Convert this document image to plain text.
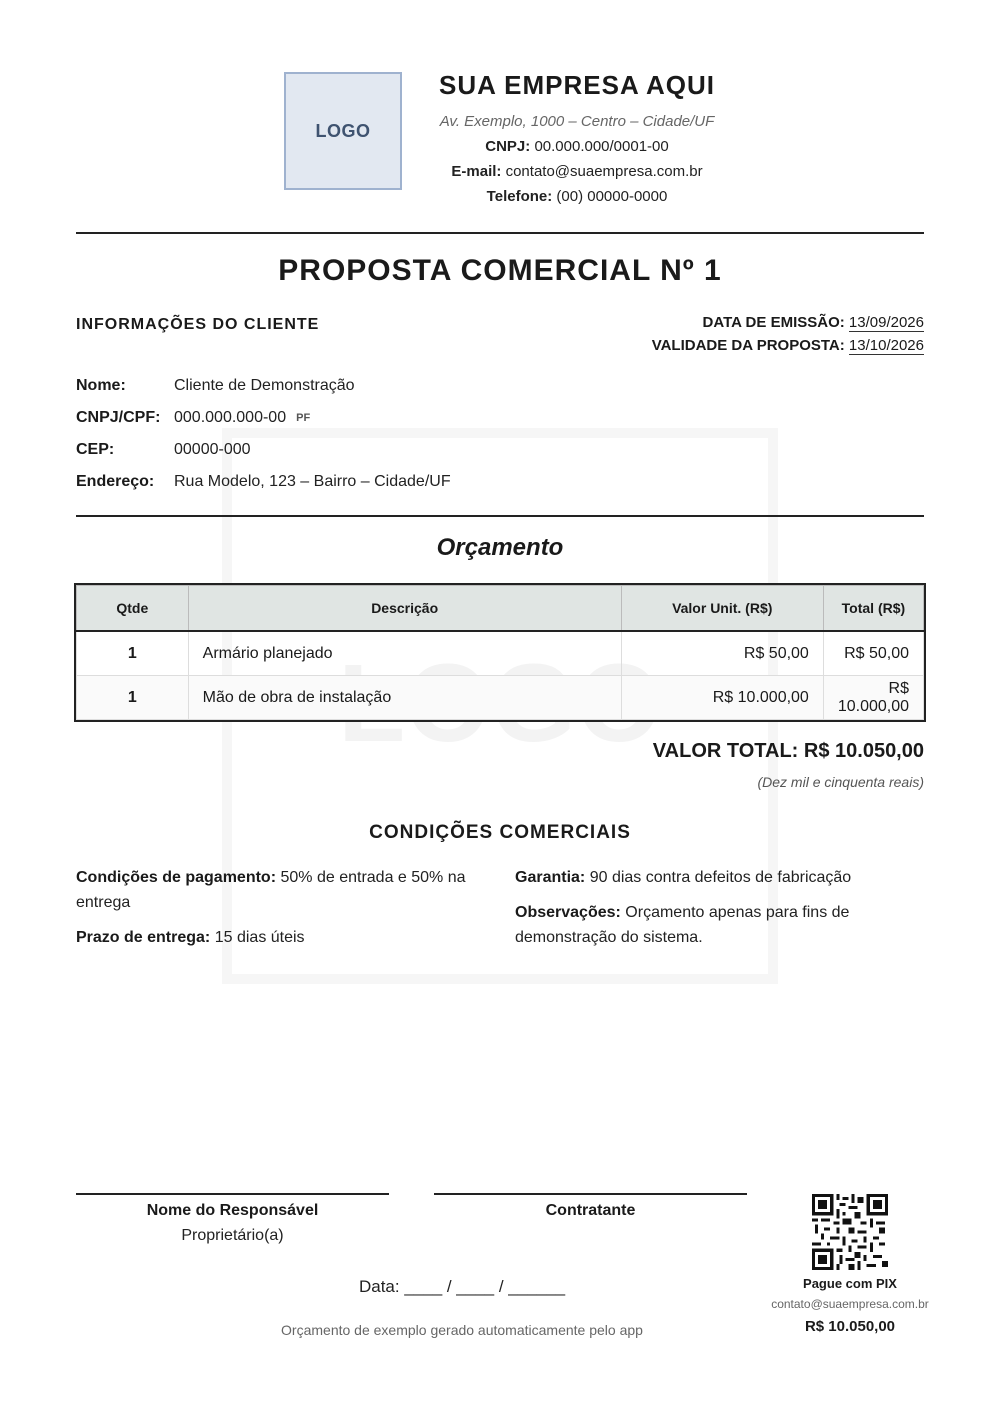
LOGO
LOGO
SUA EMPRESA AQUI
Av. Exemplo, 1000 – Centro – Cidade/UF
CNPJ: 00.000.000/0001-00
E-mail: contato@suaempresa.com.br
Telefone: (00) 00000-0000
PROPOSTA COMERCIAL Nº 1
INFORMAÇÕES DO CLIENTE	DATA DE EMISSÃO: 13/09/2026
VALIDADE DA PROPOSTA: 13/10/2026
Nome:	Cliente de Demonstração
CNPJ/CPF: 000.000.000-00 PF
CEP:	00000-000
Endereço:	Rua Modelo, 123 – Bairro – Cidade/UF
Orçamento
Qtde	Descrição	Valor Unit. (R$)	Total (R$)
1	Armário planejado	R$ 50,00	R$ 50,00
1	Mão de obra de instalação	R$ 10.000,00	R$ 10.000,00
VALOR TOTAL: R$ 10.050,00
(Dez mil e cinquenta reais)
CONDIÇÕES COMERCIAIS
Condições de pagamento: 50% de entrada e 50% na entrega
Prazo de entrega: 15 dias úteis
Garantia: 90 dias contra defeitos de fabricação
Observações: Orçamento apenas para fins de demonstração do sistema.
Nome do Responsável
Proprietário(a)
Contratante
Data: ____ / ____ / ______
Orçamento de exemplo gerado automaticamente pelo app
Pague com PIX
contato@suaempresa.com.br
R$ 10.050,00
